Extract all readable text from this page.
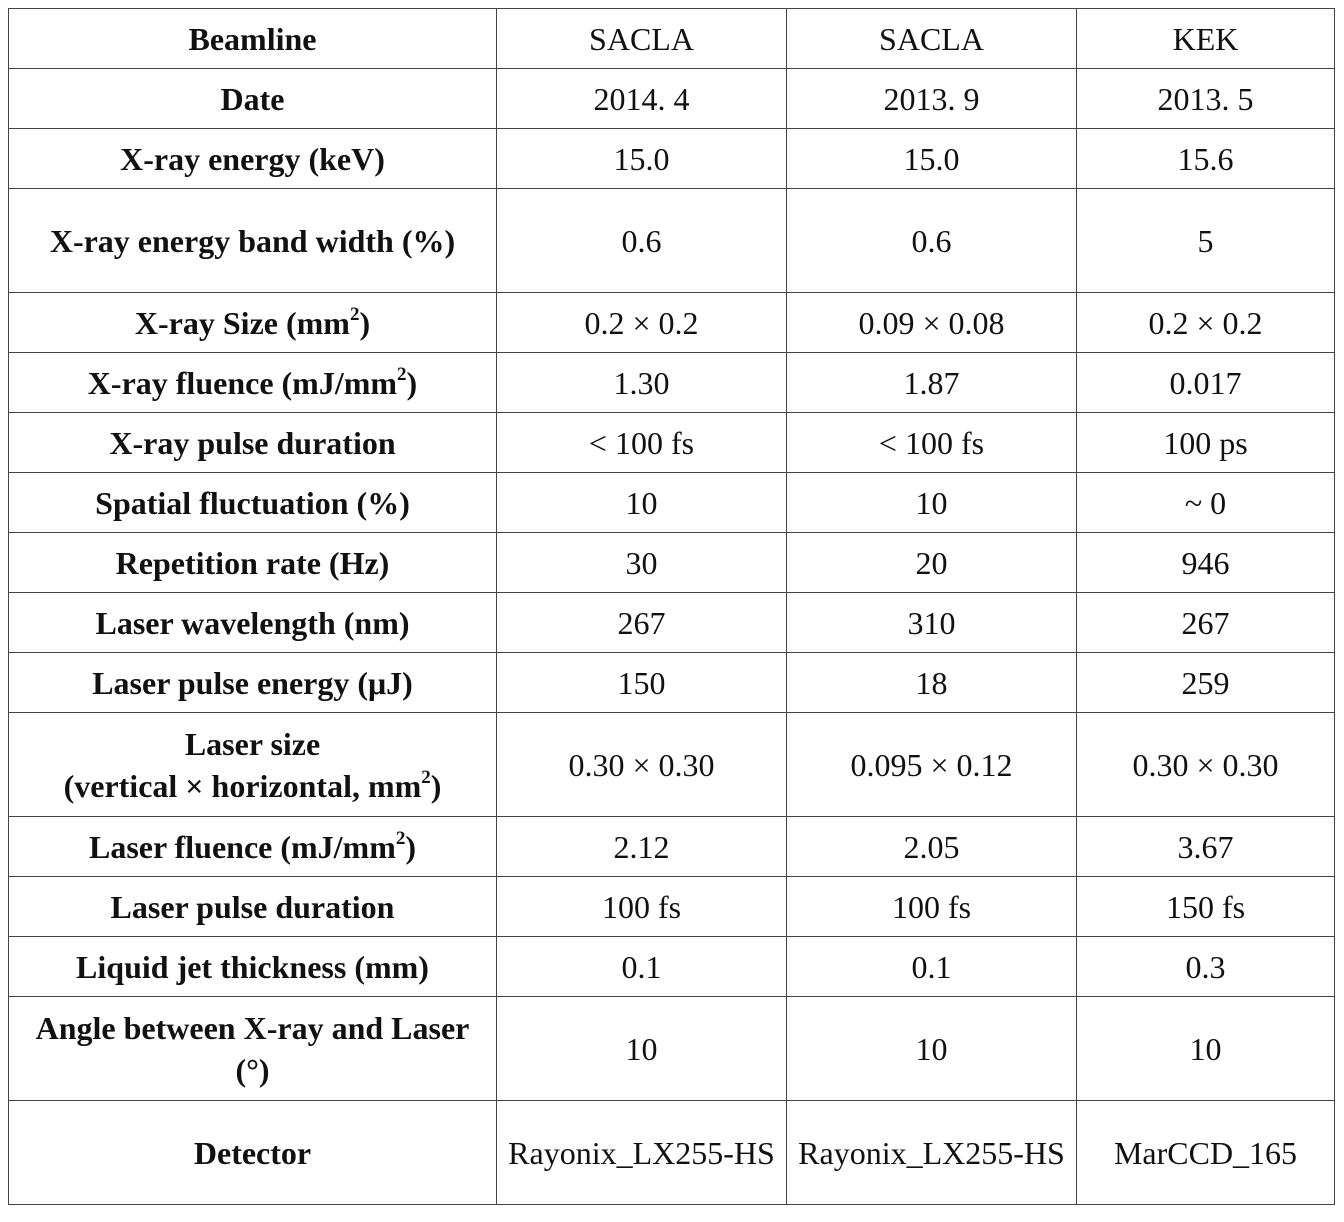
Beamline	SACLA	SACLA	KEK
Date	2014. 4	2013. 9	2013. 5
X-ray energy (keV)	15.0	15.0	15.6
X-ray energy band width (%)	0.6	0.6	5
X-ray Size $(mm^2)$	0.2 × 0.2	0.09 × 0.08	0.2 × 0.2
X-ray fluence $(mJ/mm^2)$	1.30	1.87	0.017
X-ray pulse duration	< 100 fs	< 100 fs	100 ps
Spatial fluctuation (%)	10	10	~ 0
Repetition rate (Hz)	30	20	946
Laser wavelength (nm)	267	310	267
Laser pulse energy (μJ)	150	18	259
Laser size
(vertical × horizontal, $mm^2$)	0.30 × 0.30	0.095 × 0.12	0.30 × 0.30
Laser fluence $(mJ/mm^2)$	2.12	2.05	3.67
Laser pulse duration	100 fs	100 fs	150 fs
Liquid jet thickness (mm)	0.1	0.1	0.3
Angle between X-ray and Laser (°)	10	10	10
Detector	Rayonix_LX255-HS	Rayonix_LX255-HS	MarCCD_165
